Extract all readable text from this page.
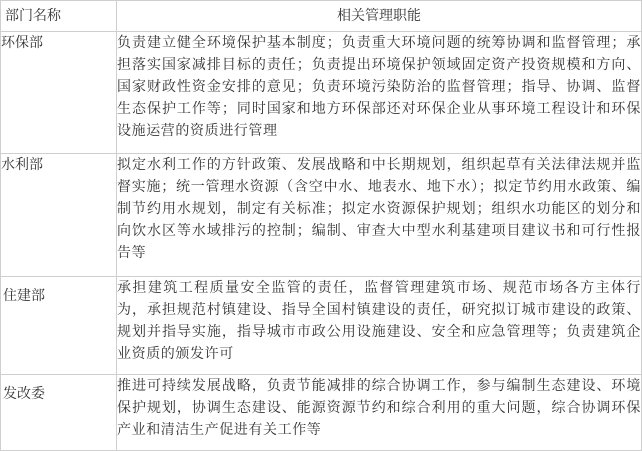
部门名称	相关管理职能
环保部	负责建立健全环境保护基本制度；负责重大环境问题的统筹协调和监督管理；承担落实国家减排目标的责任；负责提出环境保护领域固定资产投资规模和方向、国家财政性资金安排的意见；负责环境污染防治的监督管理；指导、协调、监督生态保护工作等；同时国家和地方环保部还对环保企业从事环境工程设计和环保设施运营的资质进行管理
水利部	拟定水利工作的方针政策、发展战略和中长期规划，组织起草有关法律法规并监督实施；统一管理水资源（含空中水、地表水、地下水）；拟定节约用水政策、编制节约用水规划，制定有关标准；拟定水资源保护规划；组织水功能区的划分和向饮水区等水域排污的控制；编制、审查大中型水利基建项目建议书和可行性报告等
住建部	承担建筑工程质量安全监管的责任，监督管理建筑市场、规范市场各方主体行为，承担规范村镇建设、指导全国村镇建设的责任，研究拟订城市建设的政策、规划并指导实施，指导城市市政公用设施建设、安全和应急管理等；负责建筑企业资质的颁发许可
发改委	推进可持续发展战略，负责节能减排的综合协调工作，参与编制生态建设、环境保护规划，协调生态建设、能源资源节约和综合利用的重大问题，综合协调环保产业和清洁生产促进有关工作等
